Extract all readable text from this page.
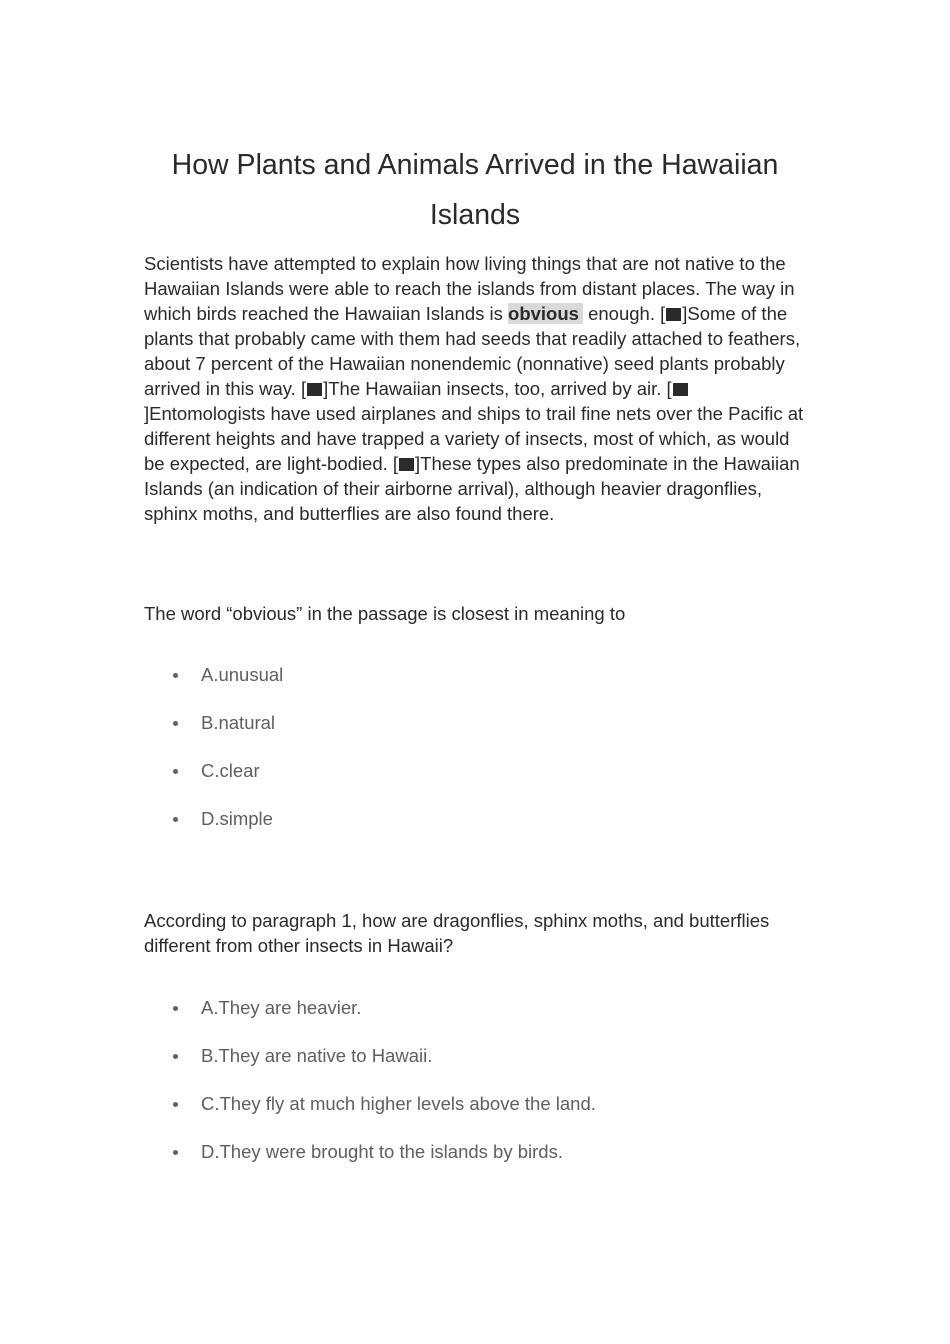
How Plants and Animals Arrived in the Hawaiian Islands

Scientists have attempted to explain how living things that are not native to the Hawaiian Islands were able to reach the islands from distant places. The way in which birds reached the Hawaiian Islands is obvious enough. [ ]Some of the plants that probably came with them had seeds that readily attached to feathers, about 7 percent of the Hawaiian nonendemic (nonnative) seed plants probably arrived in this way. [ ]The Hawaiian insects, too, arrived by air. []Entomologists have used airplanes and ships to trail fine nets over the Pacific at different heights and have trapped a variety of insects, most of which, as would be expected, are light-bodied. [ ]These types also predominate in the Hawaiian Islands (an indication of their airborne arrival), although heavier dragonflies, sphinx moths, and butterflies are also found there.

The word “obvious” in the passage is closest in meaning to

A.unusual
B.natural
C.clear
D.simple

According to paragraph 1, how are dragonflies, sphinx moths, and butterflies different from other insects in Hawaii?

A.They are heavier.
B.They are native to Hawaii.
C.They fly at much higher levels above the land.
D.They were brought to the islands by birds.
